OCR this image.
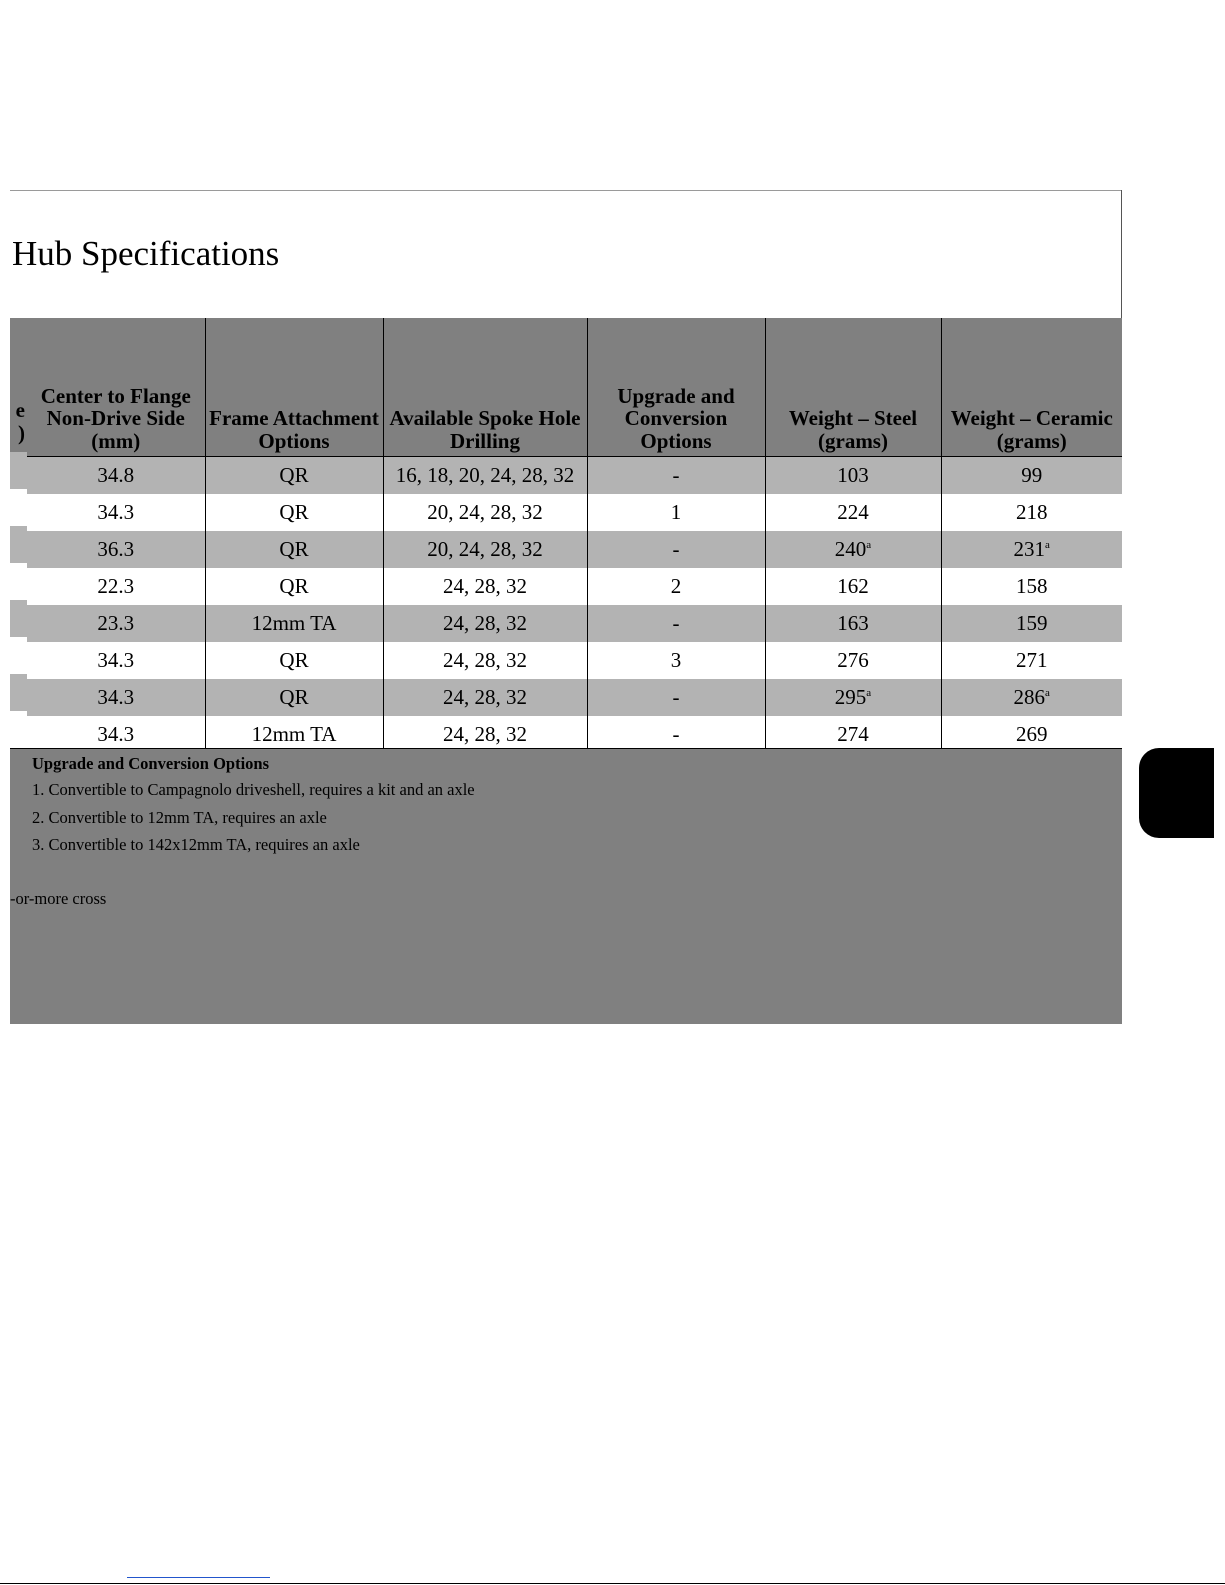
Hub Specifications
e
)
Center to Flange Non-Drive Side (mm)	Frame Attachment Options	Available Spoke Hole Drilling	Upgrade and Conversion Options	Weight – Steel (grams)	Weight – Ceramic (grams)
34.8	QR	16, 18, 20, 24, 28, 32	-	103	99
34.3	QR	20, 24, 28, 32	1	224	218
36.3	QR	20, 24, 28, 32	-	240$^a$	231$^a$
22.3	QR	24, 28, 32	2	162	158
23.3	12mm TA	24, 28, 32	-	163	159
34.3	QR	24, 28, 32	3	276	271
34.3	QR	24, 28, 32	-	295$^a$	286$^a$
34.3	12mm TA	24, 28, 32	-	274	269
Upgrade and Conversion Options
1. Convertible to Campagnolo driveshell, requires a kit and an axle
2. Convertible to 12mm TA, requires an axle
3. Convertible to 142x12mm TA, requires an axle
-or-more cross
